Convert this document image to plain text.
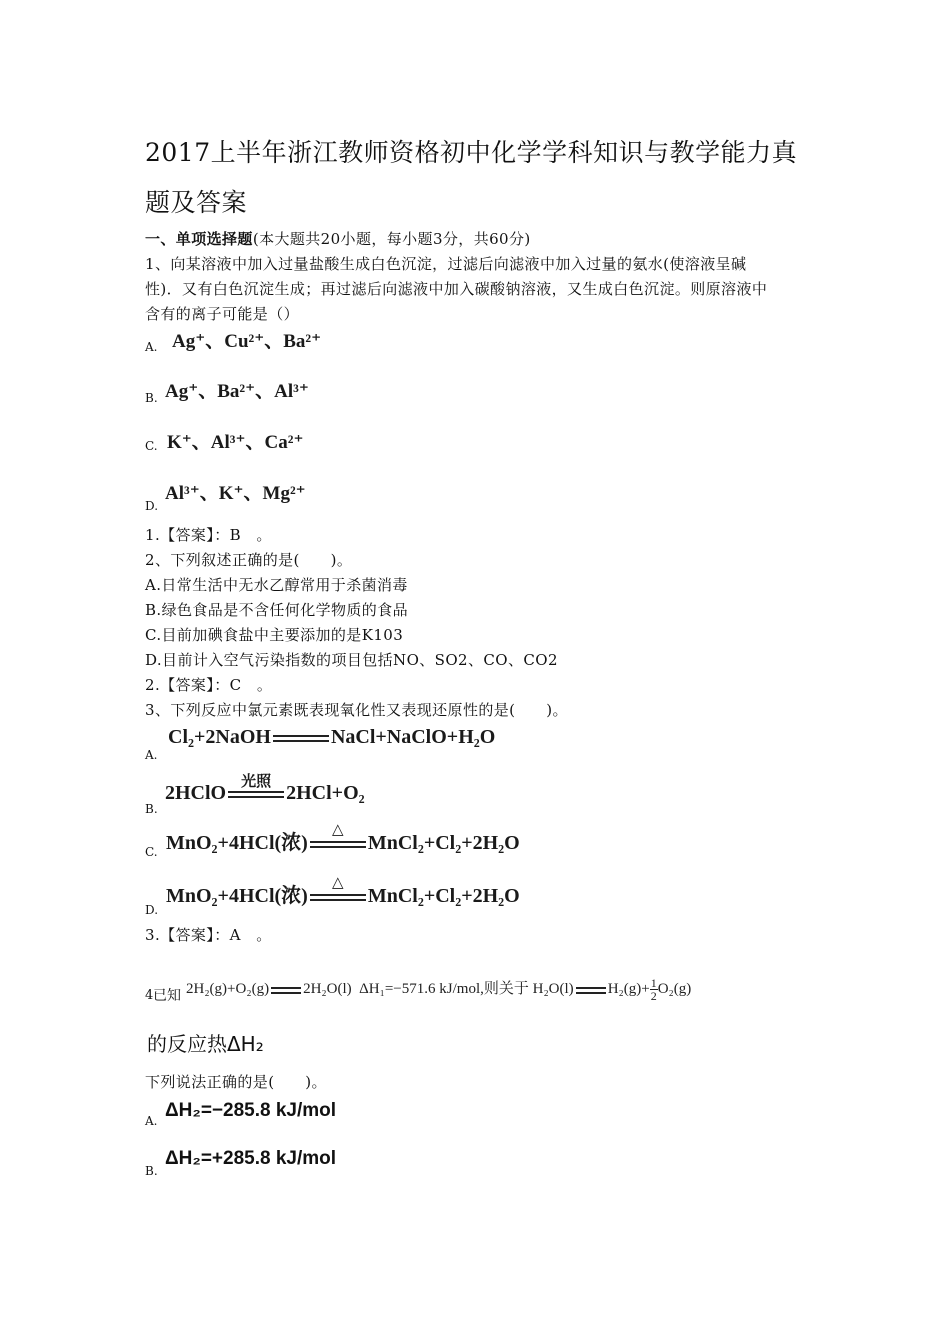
2017上半年浙江教师资格初中化学学科知识与教学能力真
题及答案
一、单项选择题(本大题共20小题，每小题3分，共60分)
1、向某溶液中加入过量盐酸生成白色沉淀，过滤后向滤液中加入过量的氨水(使溶液呈碱
性)．又有白色沉淀生成；再过滤后向滤液中加入碳酸钠溶液，又生成白色沉淀。则原溶液中
含有的离子可能是（）
A. Ag⁺、Cu²⁺、Ba²⁺
B. Ag⁺、Ba²⁺、Al³⁺
C. K⁺、Al³⁺、Ca²⁺
D.
Al³⁺、K⁺、Mg²⁺
1.【答案】：B　。
2、下列叙述正确的是(　　)。
A.日常生活中无水乙醇常用于杀菌消毒
B.绿色食品是不含任何化学物质的食品
C.目前加碘食盐中主要添加的是K103
D.目前计入空气污染指数的项目包括NO、SO2、CO、CO2
2.【答案】：C　。
3、下列反应中氯元素既表现氧化性又表现还原性的是(　　)。
A.
Cl₂+2NaOH	NaCl+NaClO+H₂O
B.
2HClO 光照 2HCl+O₂
C. MnO₂+4HCl(浓)
△
MnCl₂+Cl₂+2H₂O
D.
MnO₂+4HCl(浓)
△
MnCl₂+Cl₂+2H₂O
3.【答案】：A　。
4 已知 2H₂(g)+O₂(g) 2H₂O(l) ΔH₁=−571.6 kJ/mol,则关于 H₂O(l) $H_2(g)+ \frac{1}{2} O_2(g)$
的反应热ΔH₂
下列说法正确的是(　　)。
A. ΔH₂=−285.8 kJ/mol
B.
ΔH₂=+285.8 kJ/mol
